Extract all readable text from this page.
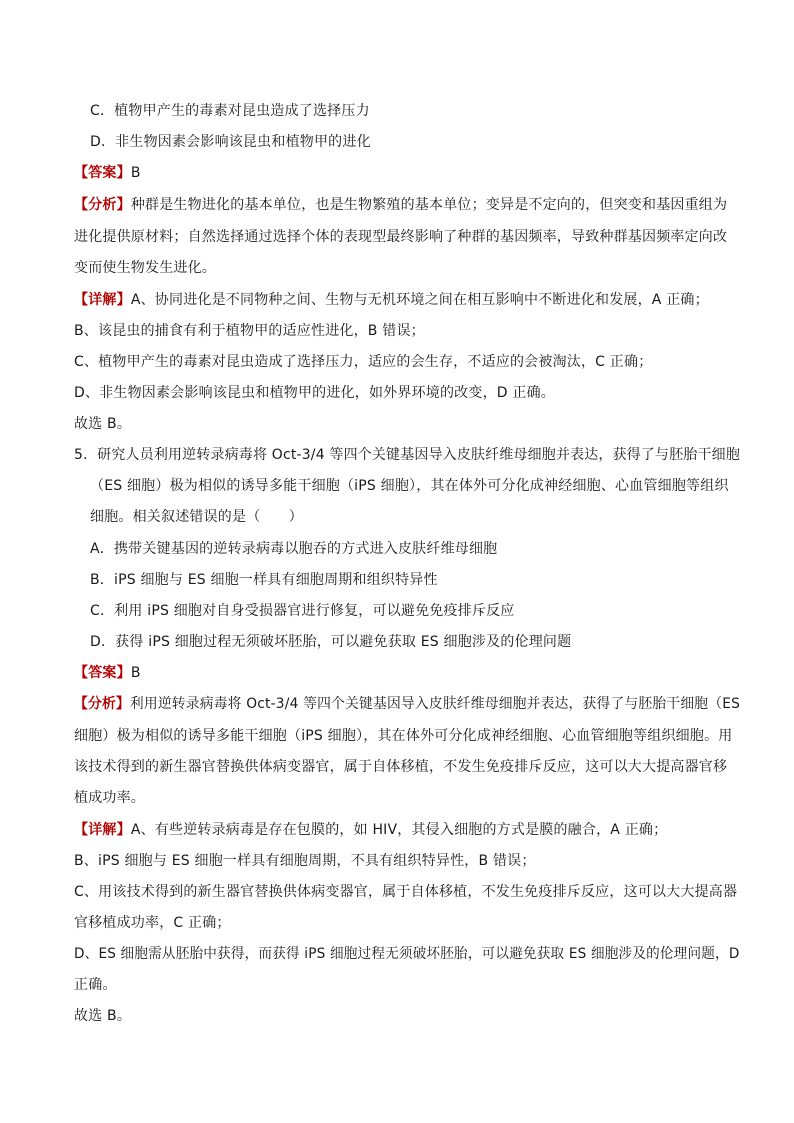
C．植物甲产生的毒素对昆虫造成了选择压力
D．非生物因素会影响该昆虫和植物甲的进化
【答案】B
【分析】种群是生物进化的基本单位，也是生物繁殖的基本单位；变异是不定向的，但突变和基因重组为
进化提供原材料；自然选择通过选择个体的表现型最终影响了种群的基因频率，导致种群基因频率定向改
变而使生物发生进化。
【详解】A、协同进化是不同物种之间、生物与无机环境之间在相互影响中不断进化和发展，A 正确；
B、该昆虫的捕食有利于植物甲的适应性进化，B 错误；
C、植物甲产生的毒素对昆虫造成了选择压力，适应的会生存，不适应的会被淘汰，C 正确；
D、非生物因素会影响该昆虫和植物甲的进化，如外界环境的改变，D 正确。
故选 B。
5．研究人员利用逆转录病毒将 Oct-3/4 等四个关键基因导入皮肤纤维母细胞并表达，获得了与胚胎干细胞
（ES 细胞）极为相似的诱导多能干细胞（iPS 细胞），其在体外可分化成神经细胞、心血管细胞等组织
细胞。相关叙述错误的是（　　）
A．携带关键基因的逆转录病毒以胞吞的方式进入皮肤纤维母细胞
B．iPS 细胞与 ES 细胞一样具有细胞周期和组织特异性
C．利用 iPS 细胞对自身受损器官进行修复，可以避免免疫排斥反应
D．获得 iPS 细胞过程无须破坏胚胎，可以避免获取 ES 细胞涉及的伦理问题
【答案】B
【分析】利用逆转录病毒将 Oct-3/4 等四个关键基因导入皮肤纤维母细胞并表达，获得了与胚胎干细胞（ES
细胞）极为相似的诱导多能干细胞（iPS 细胞），其在体外可分化成神经细胞、心血管细胞等组织细胞。用
该技术得到的新生器官替换供体病变器官，属于自体移植，不发生免疫排斥反应，这可以大大提高器官移
植成功率。
【详解】A、有些逆转录病毒是存在包膜的，如 HIV，其侵入细胞的方式是膜的融合，A 正确；
B、iPS 细胞与 ES 细胞一样具有细胞周期，不具有组织特异性，B 错误；
C、用该技术得到的新生器官替换供体病变器官，属于自体移植，不发生免疫排斥反应，这可以大大提高器
官移植成功率，C 正确；
D、ES 细胞需从胚胎中获得，而获得 iPS 细胞过程无须破坏胚胎，可以避免获取 ES 细胞涉及的伦理问题，D
正确。
故选 B。
